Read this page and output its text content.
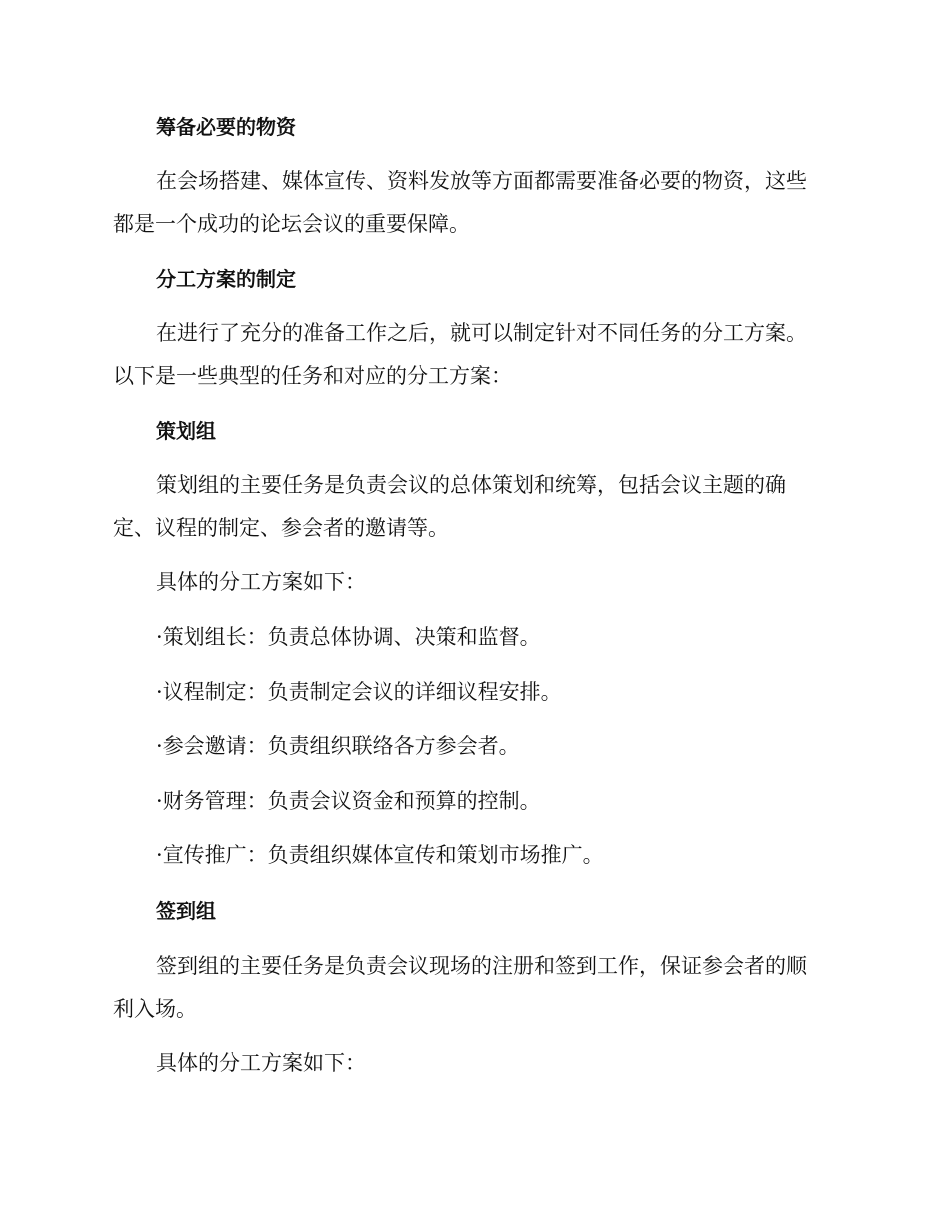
筹备必要的物资
在会场搭建、媒体宣传、资料发放等方面都需要准备必要的物资，这些
都是一个成功的论坛会议的重要保障。
分工方案的制定
在进行了充分的准备工作之后，就可以制定针对不同任务的分工方案。
以下是一些典型的任务和对应的分工方案：
策划组
策划组的主要任务是负责会议的总体策划和统筹，包括会议主题的确
定、议程的制定、参会者的邀请等。
具体的分工方案如下：
·策划组长：负责总体协调、决策和监督。
·议程制定：负责制定会议的详细议程安排。
·参会邀请：负责组织联络各方参会者。
·财务管理：负责会议资金和预算的控制。
·宣传推广：负责组织媒体宣传和策划市场推广。
签到组
签到组的主要任务是负责会议现场的注册和签到工作，保证参会者的顺
利入场。
具体的分工方案如下：
